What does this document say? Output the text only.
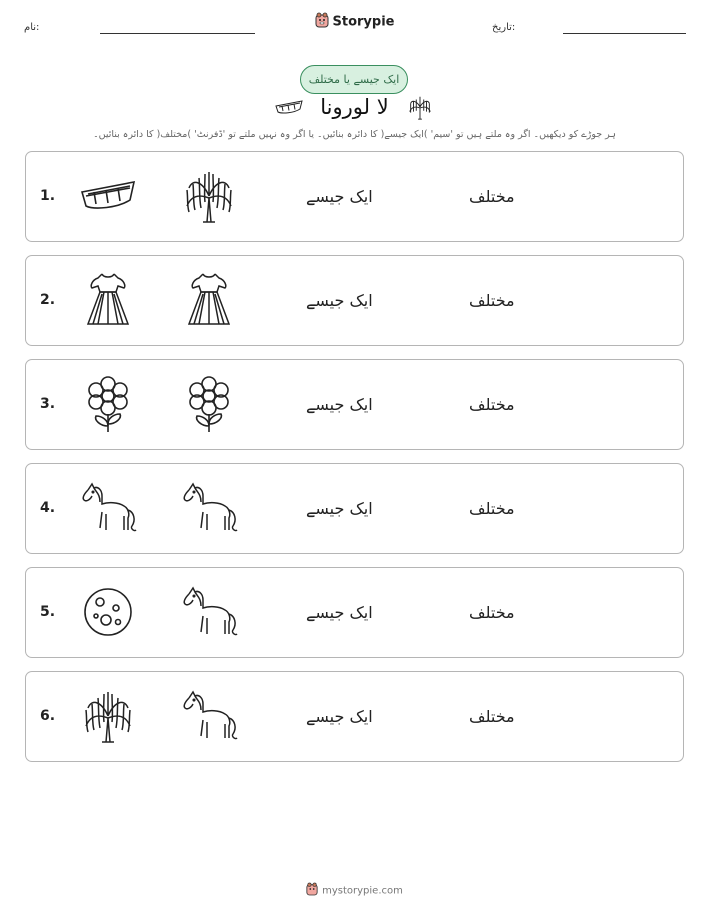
نام:	Storypie	تاریخ:
ایک جیسے یا مختلف
لا لورونا
ہر جوڑے کو دیکھیں۔ اگر وہ ملتے ہیں تو 'سیم' )ایک جیسے( کا دائرہ بنائیں۔ یا اگر وہ نہیں ملتے تو 'ڈفرنٹ' )مختلف( کا دائرہ بنائیں۔
1.	ایک جیسے	مختلف
2.	ایک جیسے	مختلف
3.	ایک جیسے	مختلف
4.	ایک جیسے	مختلف
5.	ایک جیسے	مختلف
6.	ایک جیسے	مختلف
mystorypie.com
